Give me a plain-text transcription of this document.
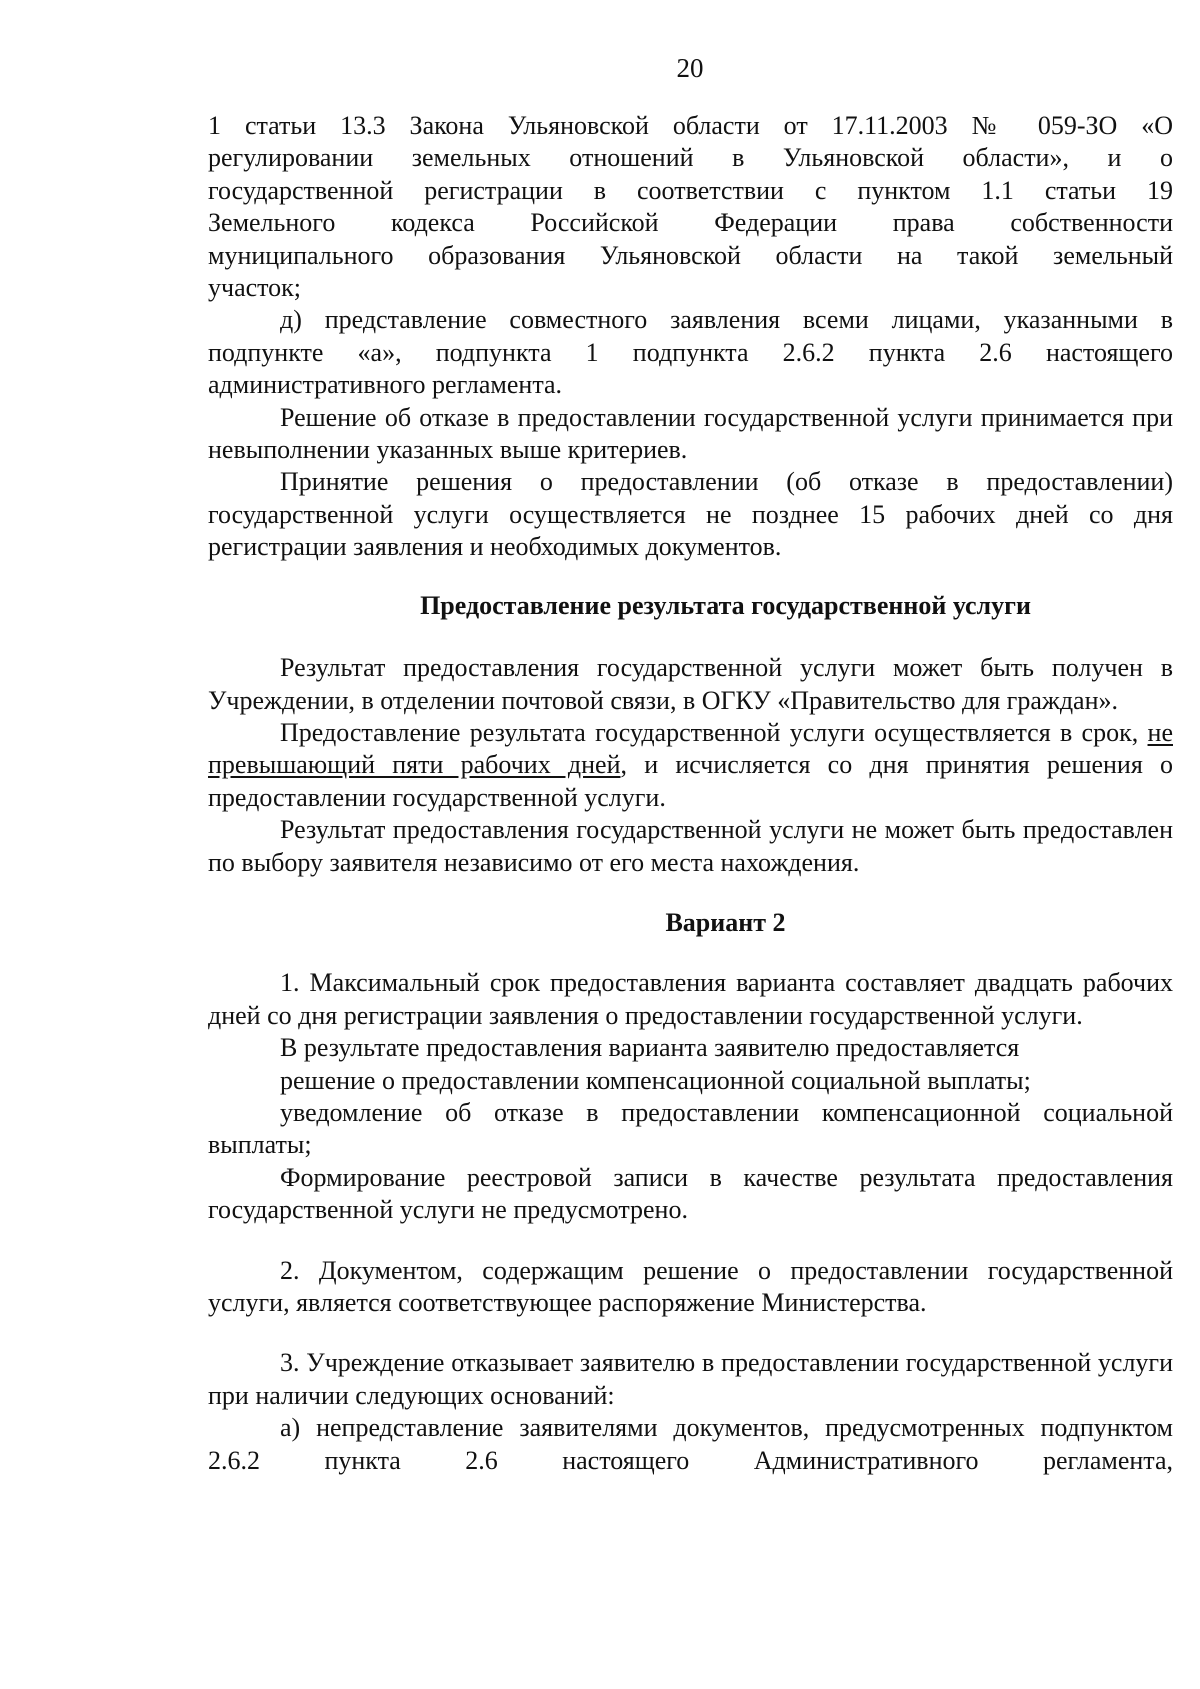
20

1 статьи 13.3 Закона Ульяновской области от 17.11.2003 № 059-ЗО «О

регулировании земельных отношений в Ульяновской области», и о

государственной регистрации в соответствии с пунктом 1.1 статьи 19

Земельного кодекса Российской Федерации права собственности

муниципального образования Ульяновской области на такой земельный

участок;

д) представление совместного заявления всеми лицами, указанными в подпункте «а», подпункта 1 подпункта 2.6.2 пункта 2.6 настоящего административного регламента.

Решение об отказе в предоставлении государственной услуги принимается при невыполнении указанных выше критериев.

Принятие решения о предоставлении (об отказе в предоставлении) государственной услуги осуществляется не позднее 15 рабочих дней со дня регистрации заявления и необходимых документов.

Предоставление результата государственной услуги

Результат предоставления государственной услуги может быть получен в Учреждении, в отделении почтовой связи, в ОГКУ «Правительство для граждан».

Предоставление результата государственной услуги осуществляется в срок, не превышающий пяти рабочих дней, и исчисляется со дня принятия решения о предоставлении государственной услуги.

Результат предоставления государственной услуги не может быть предоставлен по выбору заявителя независимо от его места нахождения.

Вариант 2

1. Максимальный срок предоставления варианта составляет двадцать рабочих дней со дня регистрации заявления о предоставлении государственной услуги.

В результате предоставления варианта заявителю предоставляется

решение о предоставлении компенсационной социальной выплаты;

уведомление об отказе в предоставлении компенсационной социальной выплаты;

Формирование реестровой записи в качестве результата предоставления государственной услуги не предусмотрено.

2. Документом, содержащим решение о предоставлении государственной услуги, является соответствующее распоряжение Министерства.

3. Учреждение отказывает заявителю в предоставлении государственной услуги при наличии следующих оснований:

а) непредставление заявителями документов, предусмотренных подпунктом 2.6.2 пункта 2.6 настоящего Административного регламента,
